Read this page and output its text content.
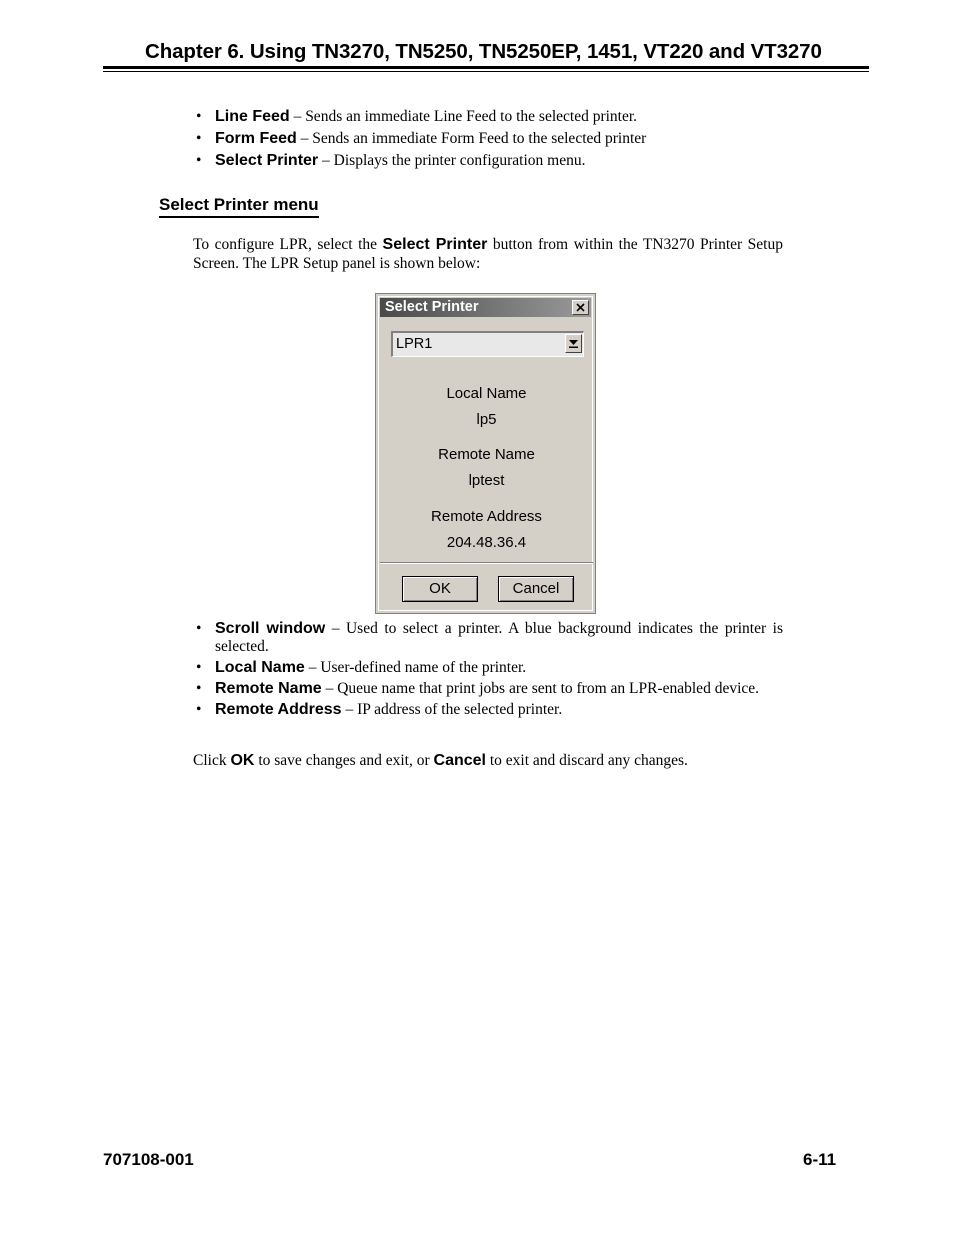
Chapter 6. Using TN3270, TN5250, TN5250EP, 1451, VT220 and VT3270
• Line Feed – Sends an immediate Line Feed to the selected printer.
• Form Feed – Sends an immediate Form Feed to the selected printer
• Select Printer – Displays the printer configuration menu.
Select Printer menu
To configure LPR, select the Select Printer button from within the TN3270 Printer Setup Screen. The LPR Setup panel is shown below:
Select Printer
LPR1
Local Name
lp5
Remote Name
lptest
Remote Address
204.48.36.4
OK	Cancel
• Scroll window – Used to select a printer. A blue background indicates the printer is selected.
• Local Name – User-defined name of the printer.
• Remote Name – Queue name that print jobs are sent to from an LPR-enabled device.
• Remote Address – IP address of the selected printer.
Click OK to save changes and exit, or Cancel to exit and discard any changes.
707108-001	6-11
